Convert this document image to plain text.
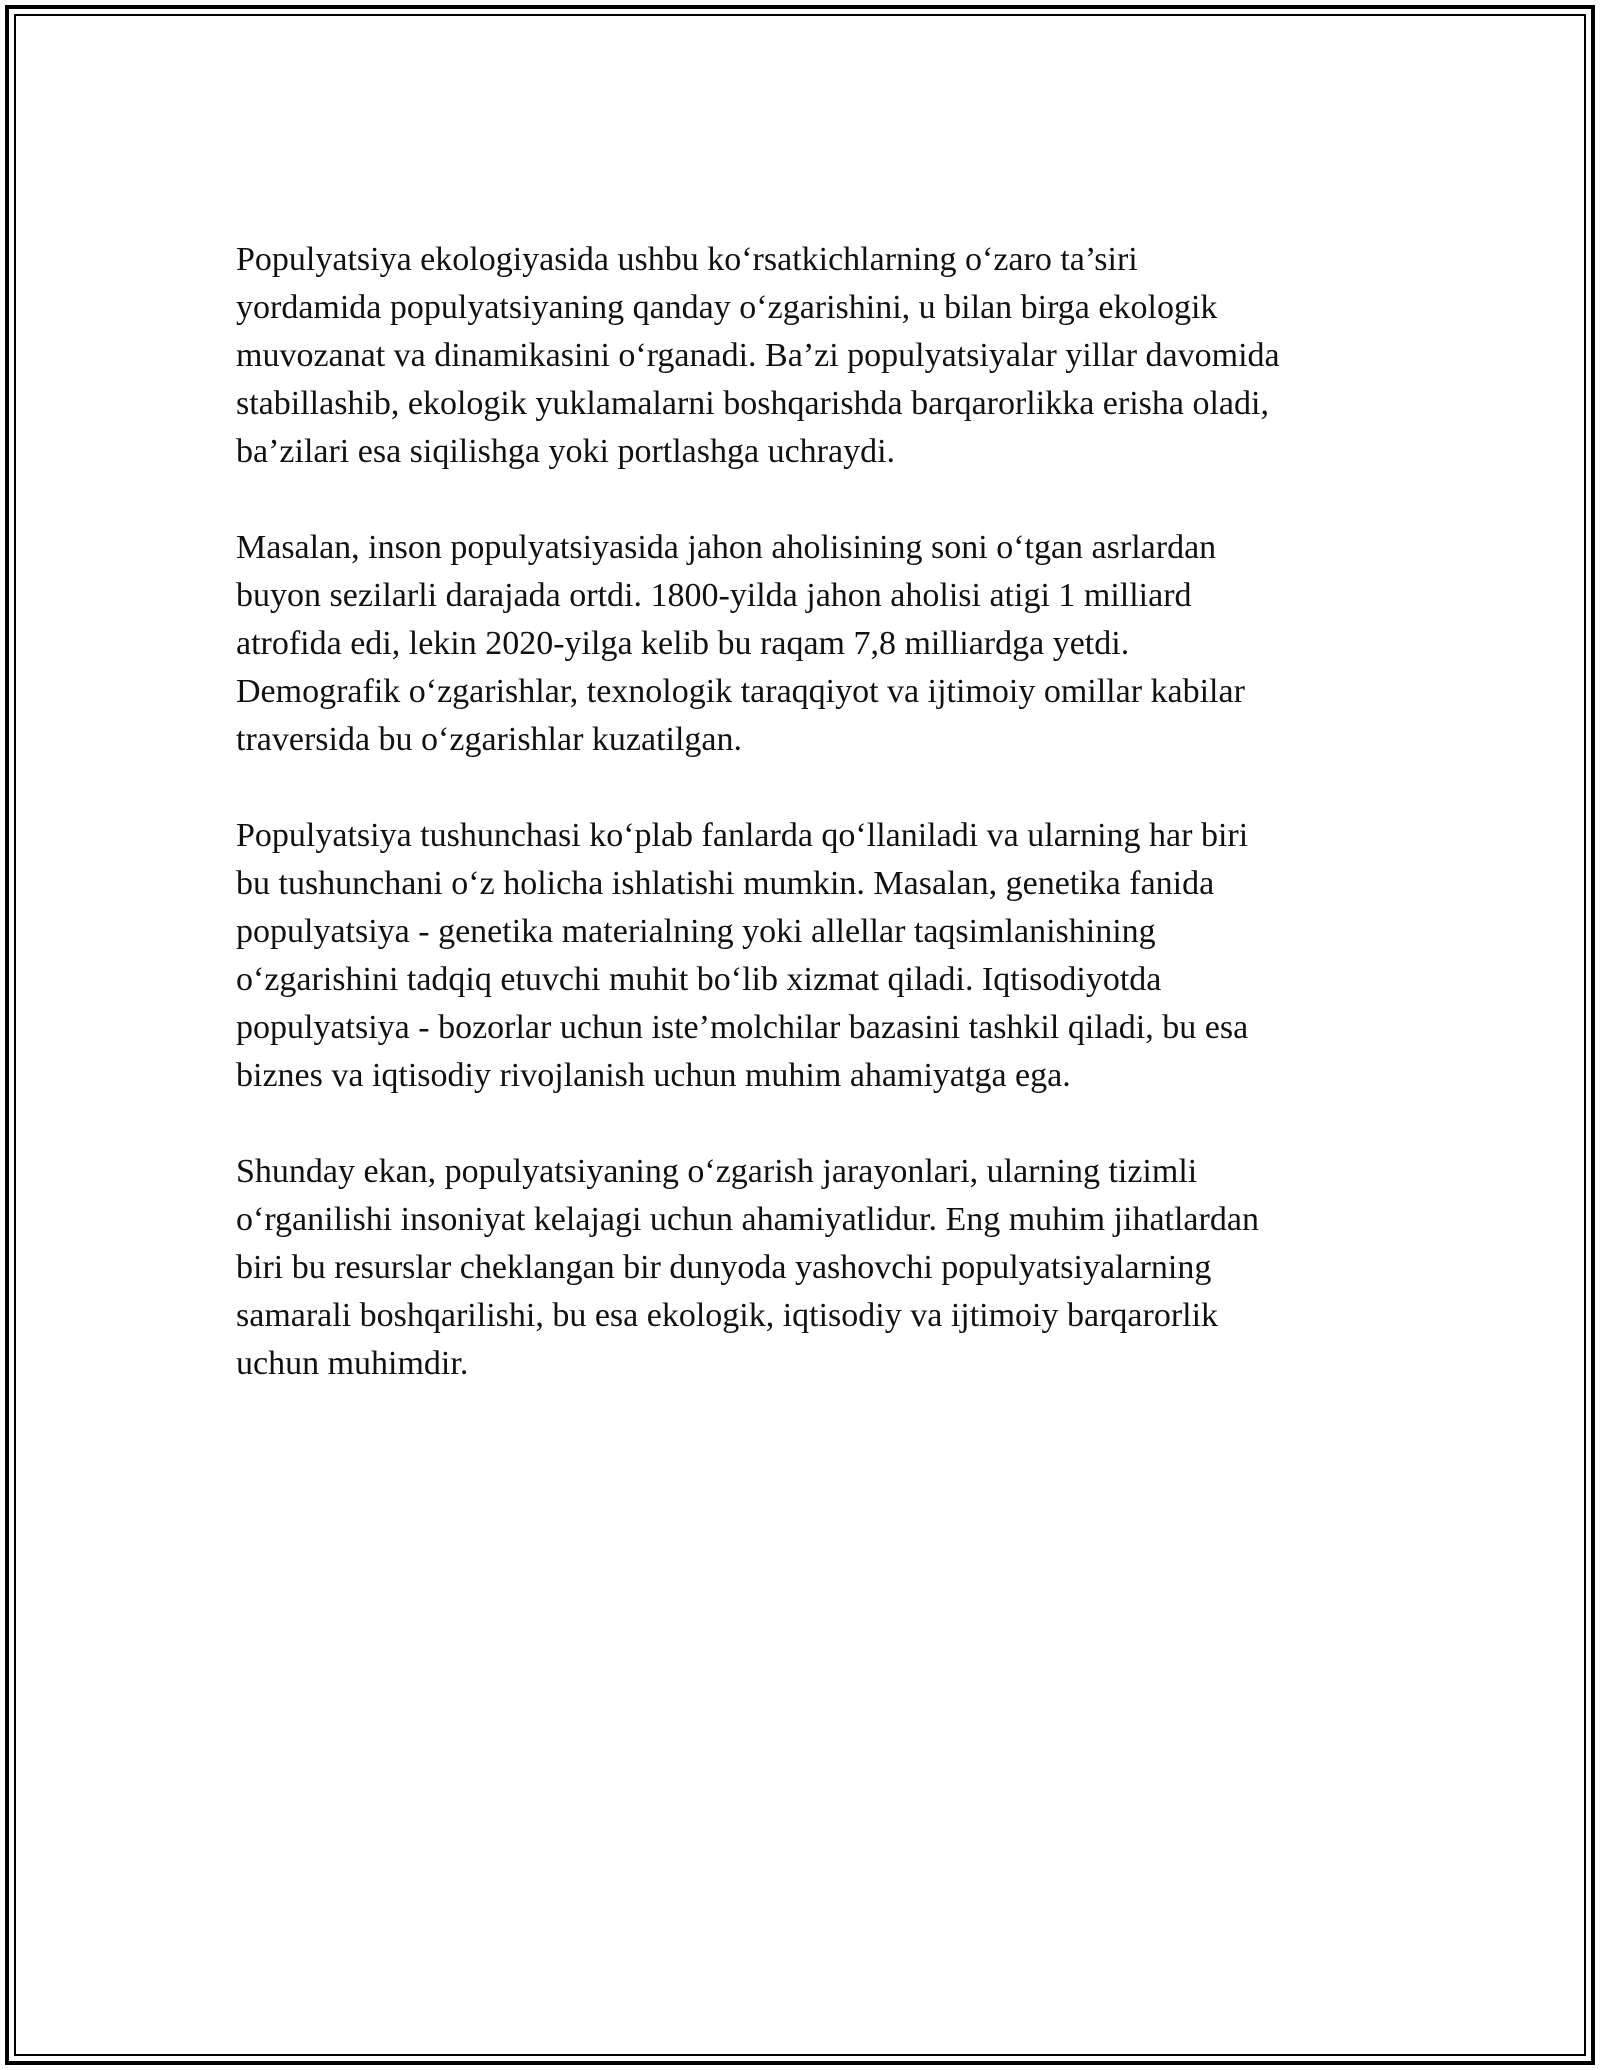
Populyatsiya ekologiyasida ushbu ko‘rsatkichlarning o‘zaro ta’siri
yordamida populyatsiyaning qanday o‘zgarishini, u bilan birga ekologik
muvozanat va dinamikasini o‘rganadi. Ba’zi populyatsiyalar yillar davomida
stabillashib, ekologik yuklamalarni boshqarishda barqarorlikka erisha oladi,
ba’zilari esa siqilishga yoki portlashga uchraydi.

Masalan, inson populyatsiyasida jahon aholisining soni o‘tgan asrlardan
buyon sezilarli darajada ortdi. 1800-yilda jahon aholisi atigi 1 milliard
atrofida edi, lekin 2020-yilga kelib bu raqam 7,8 milliardga yetdi.
Demografik o‘zgarishlar, texnologik taraqqiyot va ijtimoiy omillar kabilar
traversida bu o‘zgarishlar kuzatilgan.

Populyatsiya tushunchasi ko‘plab fanlarda qo‘llaniladi va ularning har biri
bu tushunchani o‘z holicha ishlatishi mumkin. Masalan, genetika fanida
populyatsiya - genetika materialning yoki allellar taqsimlanishining
o‘zgarishini tadqiq etuvchi muhit bo‘lib xizmat qiladi. Iqtisodiyotda
populyatsiya - bozorlar uchun iste’molchilar bazasini tashkil qiladi, bu esa
biznes va iqtisodiy rivojlanish uchun muhim ahamiyatga ega.

Shunday ekan, populyatsiyaning o‘zgarish jarayonlari, ularning tizimli
o‘rganilishi insoniyat kelajagi uchun ahamiyatlidur. Eng muhim jihatlardan
biri bu resurslar cheklangan bir dunyoda yashovchi populyatsiyalarning
samarali boshqarilishi, bu esa ekologik, iqtisodiy va ijtimoiy barqarorlik
uchun muhimdir.
